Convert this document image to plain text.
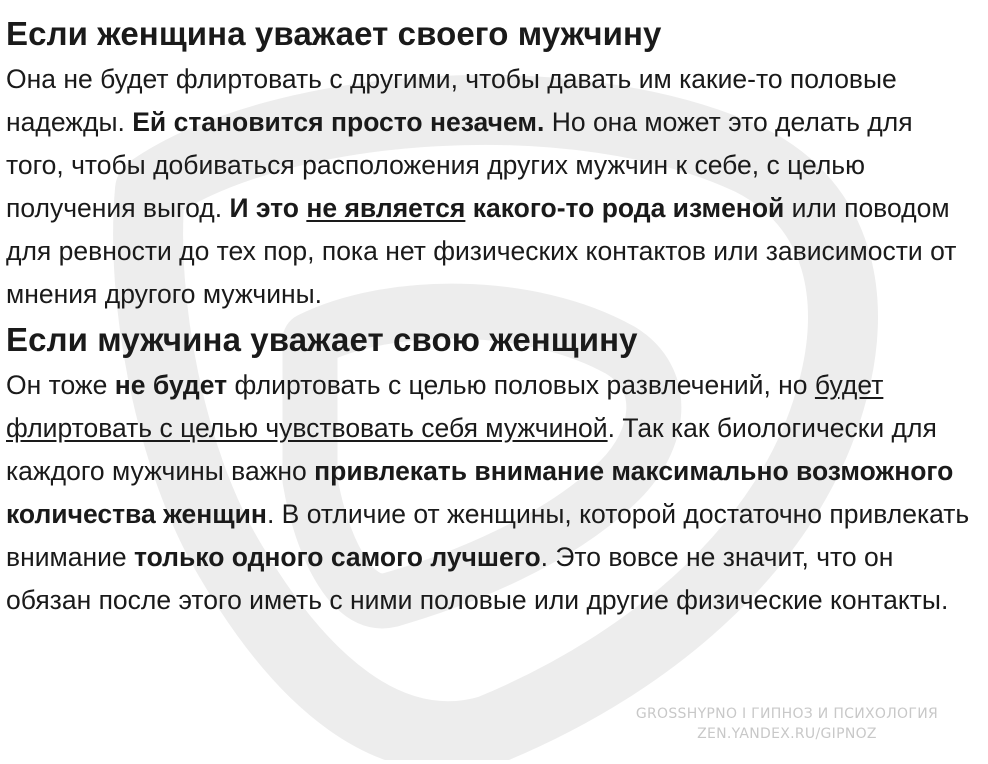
Если женщина уважает своего мужчину

Она не будет флиртовать с другими, чтобы давать им какие-то половые надежды. Ей становится просто незачем. Но она может это делать для того, чтобы добиваться расположения других мужчин к себе, с целью получения выгод. И это не является какого-то рода изменой или поводом для ревности до тех пор, пока нет физических контактов или зависимости от мнения другого мужчины.

Если мужчина уважает свою женщину

Он тоже не будет флиртовать с целью половых развлечений, но будет флиртовать с целью чувствовать себя мужчиной. Так как биологически для каждого мужчины важно привлекать внимание максимально возможного количества женщин. В отличие от женщины, которой достаточно привлекать внимание только одного самого лучшего. Это вовсе не значит, что он обязан после этого иметь с ними половые или другие физические контакты.

GROSSHYPNO I ГИПНОЗ И ПСИХОЛОГИЯ
ZEN.YANDEX.RU/GIPNOZ
